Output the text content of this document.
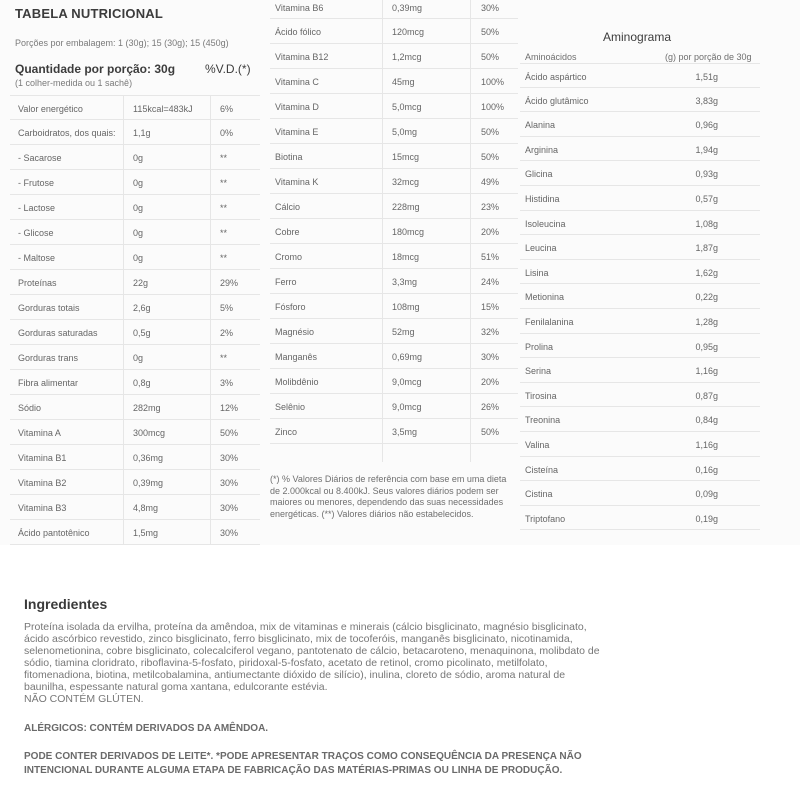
TABELA NUTRICIONAL
Porções por embalagem: 1 (30g); 15 (30g); 15 (450g)
Quantidade por porção: 30g %V.D.(*)
(1 colher-medida ou 1 sachê)
Valor energético	115kcal=483kJ	6%
Carboidratos, dos quais: 1,1g	0%
- Sacarose	0g	**
- Frutose	0g	**
- Lactose	0g	**
- Glicose	0g	**
- Maltose	0g	**
Proteínas	22g	29%
Gorduras totais	2,6g	5%
Gorduras saturadas	0,5g	2%
Gorduras trans	0g	**
Fibra alimentar	0,8g	3%
Sódio	282mg	12%
Vitamina A	300mcg	50%
Vitamina B1	0,36mg	30%
Vitamina B2	0,39mg	30%
Vitamina B3	4,8mg	30%
Ácido pantotênico	1,5mg	30%
Vitamina B6	0,39mg	30%
Ácido fólico	120mcg	50%
Vitamina B12	1,2mcg	50%
Vitamina C	45mg	100%
Vitamina D	5,0mcg	100%
Vitamina E	5,0mg	50%
Biotina	15mcg	50%
Vitamina K	32mcg	49%
Cálcio	228mg	23%
Cobre	180mcg	20%
Cromo	18mcg	51%
Ferro	3,3mg	24%
Fósforo	108mg	15%
Magnésio	52mg	32%
Manganês	0,69mg	30%
Molibdênio	9,0mcg	20%
Selênio	9,0mcg	26%
Zinco	3,5mg	50%
(*) % Valores Diários de referência com base em uma dieta de 2.000kcal ou 8.400kJ. Seus valores diários podem ser maiores ou menores, dependendo das suas necessidades energéticas. (**) Valores diários não estabelecidos.
Aminograma
Aminoácidos	(g) por porção de 30g
Ácido aspártico	1,51g
Ácido glutâmico	3,83g
Alanina	0,96g
Arginina	1,94g
Glicina	0,93g
Histidina	0,57g
Isoleucina	1,08g
Leucina	1,87g
Lisina	1,62g
Metionina	0,22g
Fenilalanina	1,28g
Prolina	0,95g
Serina	1,16g
Tirosina	0,87g
Treonina	0,84g
Valina	1,16g
Cisteína	0,16g
Cistina	0,09g
Triptofano	0,19g
Ingredientes
Proteína isolada da ervilha, proteína da amêndoa, mix de vitaminas e minerais (cálcio bisglicinato, magnésio bisglicinato, ácido ascórbico revestido, zinco bisglicinato, ferro bisglicinato, mix de tocoferóis, manganês bisglicinato, nicotinamida, selenometionina, cobre bisglicinato, colecalciferol vegano, pantotenato de cálcio, betacaroteno, menaquinona, molibdato de sódio, tiamina cloridrato, riboflavina-5-fosfato, piridoxal-5-fosfato, acetato de retinol, cromo picolinato, metilfolato, fitomenadiona, biotina, metilcobalamina, antiumectante dióxido de silício), inulina, cloreto de sódio, aroma natural de baunilha, espessante natural goma xantana, edulcorante estévia.
NÃO CONTÉM GLÚTEN.
ALÉRGICOS: CONTÉM DERIVADOS DA AMÊNDOA.
PODE CONTER DERIVADOS DE LEITE*. *PODE APRESENTAR TRAÇOS COMO CONSEQUÊNCIA DA PRESENÇA NÃO INTENCIONAL DURANTE ALGUMA ETAPA DE FABRICAÇÃO DAS MATÉRIAS-PRIMAS OU LINHA DE PRODUÇÃO.
